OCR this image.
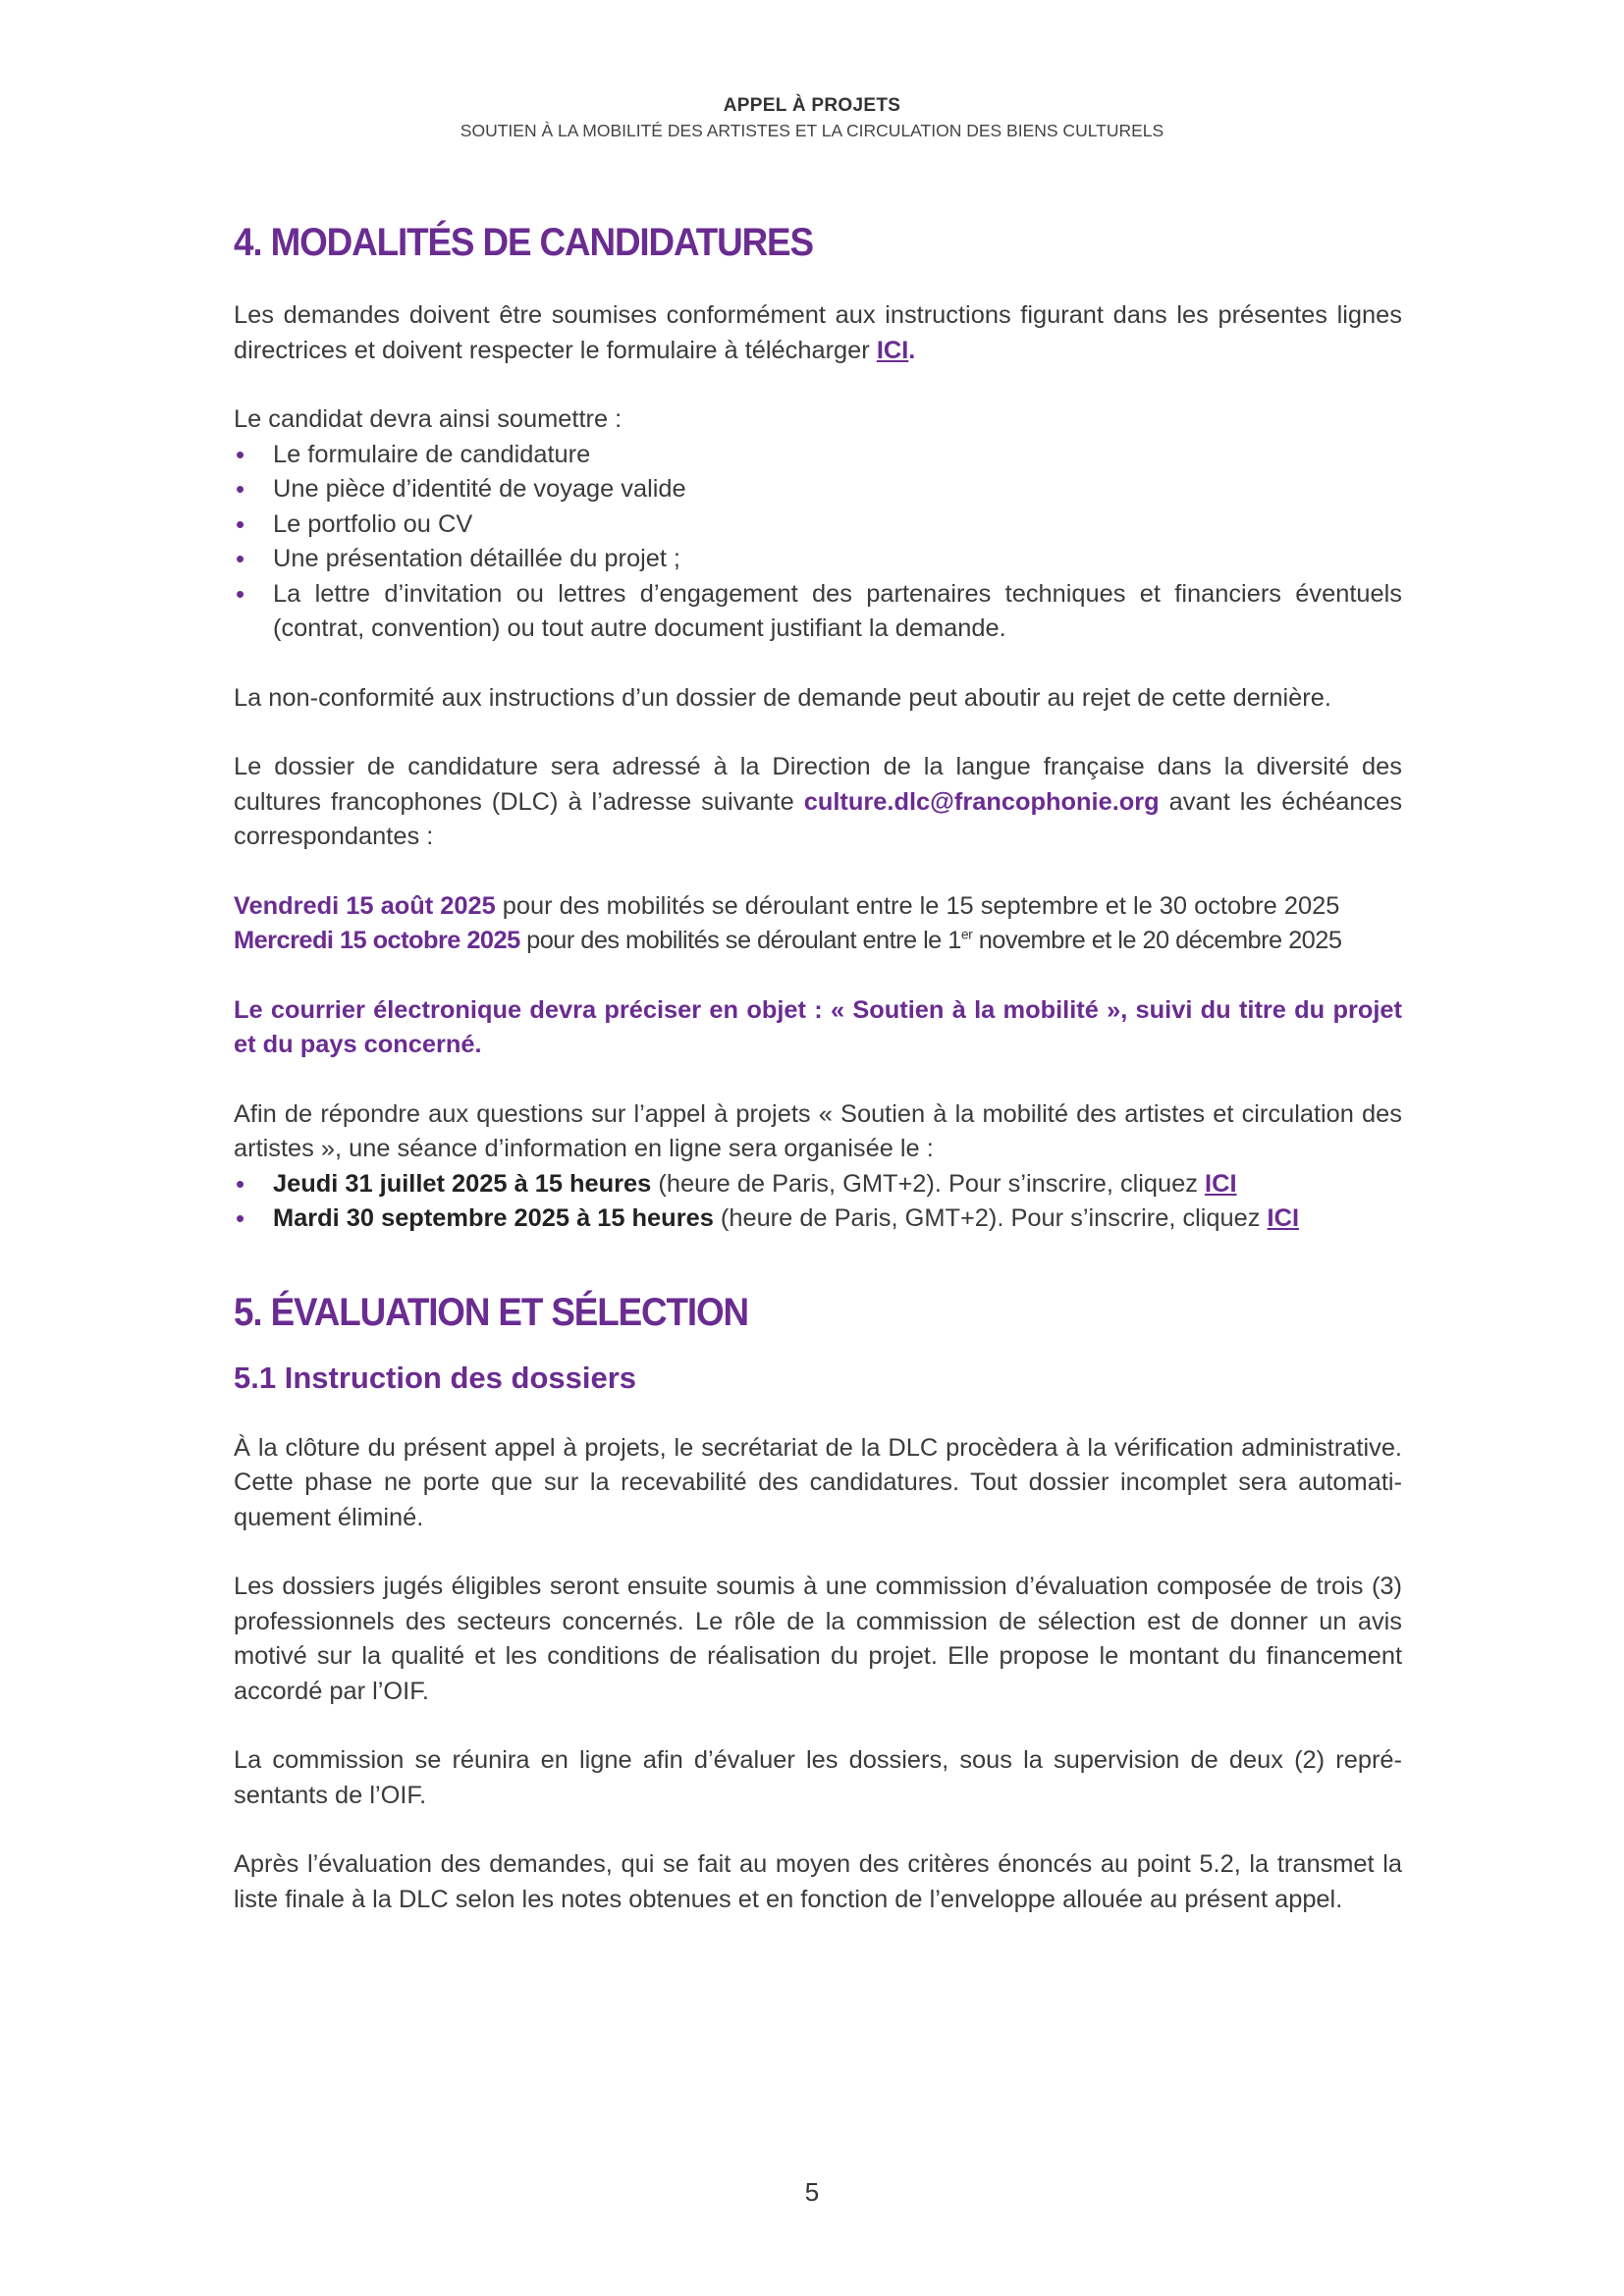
APPEL À PROJETS
SOUTIEN À LA MOBILITÉ DES ARTISTES ET LA CIRCULATION DES BIENS CULTURELS
4. MODALITÉS DE CANDIDATURES

Les demandes doivent être soumises conformément aux instructions figurant dans les présentes lignes directrices et doivent respecter le formulaire à télécharger ICI.

Le candidat devra ainsi soumettre :

• Le formulaire de candidature
• Une pièce d’identité de voyage valide
• Le portfolio ou CV
• Une présentation détaillée du projet ;
• La lettre d’invitation ou lettres d’engagement des partenaires techniques et financiers éventuels (contrat, convention) ou tout autre document justifiant la demande.

La non-conformité aux instructions d’un dossier de demande peut aboutir au rejet de cette dernière.

Le dossier de candidature sera adressé à la Direction de la langue française dans la diversité des cultures francophones (DLC) à l’adresse suivante culture.dlc@francophonie.org avant les échéances correspondantes :

Vendredi 15 août 2025 pour des mobilités se déroulant entre le 15 septembre et le 30 octobre 2025

Mercredi 15 octobre 2025 pour des mobilités se déroulant entre le 1er novembre et le 20 décembre 2025

Le courrier électronique devra préciser en objet : « Soutien à la mobilité », suivi du titre du projet et du pays concerné.

Afin de répondre aux questions sur l’appel à projets « Soutien à la mobilité des artistes et circulation des artistes », une séance d’information en ligne sera organisée le :

• Jeudi 31 juillet 2025 à 15 heures (heure de Paris, GMT+2). Pour s’inscrire, cliquez ICI
• Mardi 30 septembre 2025 à 15 heures (heure de Paris, GMT+2). Pour s’inscrire, cliquez ICI
5. ÉVALUATION ET SÉLECTION
5.1 Instruction des dossiers

À la clôture du présent appel à projets, le secrétariat de la DLC procèdera à la vérification administrative. Cette phase ne porte que sur la recevabilité des candidatures. Tout dossier incomplet sera automatiquement éliminé.

Les dossiers jugés éligibles seront ensuite soumis à une commission d’évaluation composée de trois (3) professionnels des secteurs concernés. Le rôle de la commission de sélection est de donner un avis motivé sur la qualité et les conditions de réalisation du projet. Elle propose le montant du financement accordé par l’OIF.

La commission se réunira en ligne afin d’évaluer les dossiers, sous la supervision de deux (2) représentants de l’OIF.

Après l’évaluation des demandes, qui se fait au moyen des critères énoncés au point 5.2, la transmet la liste finale à la DLC selon les notes obtenues et en fonction de l’enveloppe allouée au présent appel.

5
